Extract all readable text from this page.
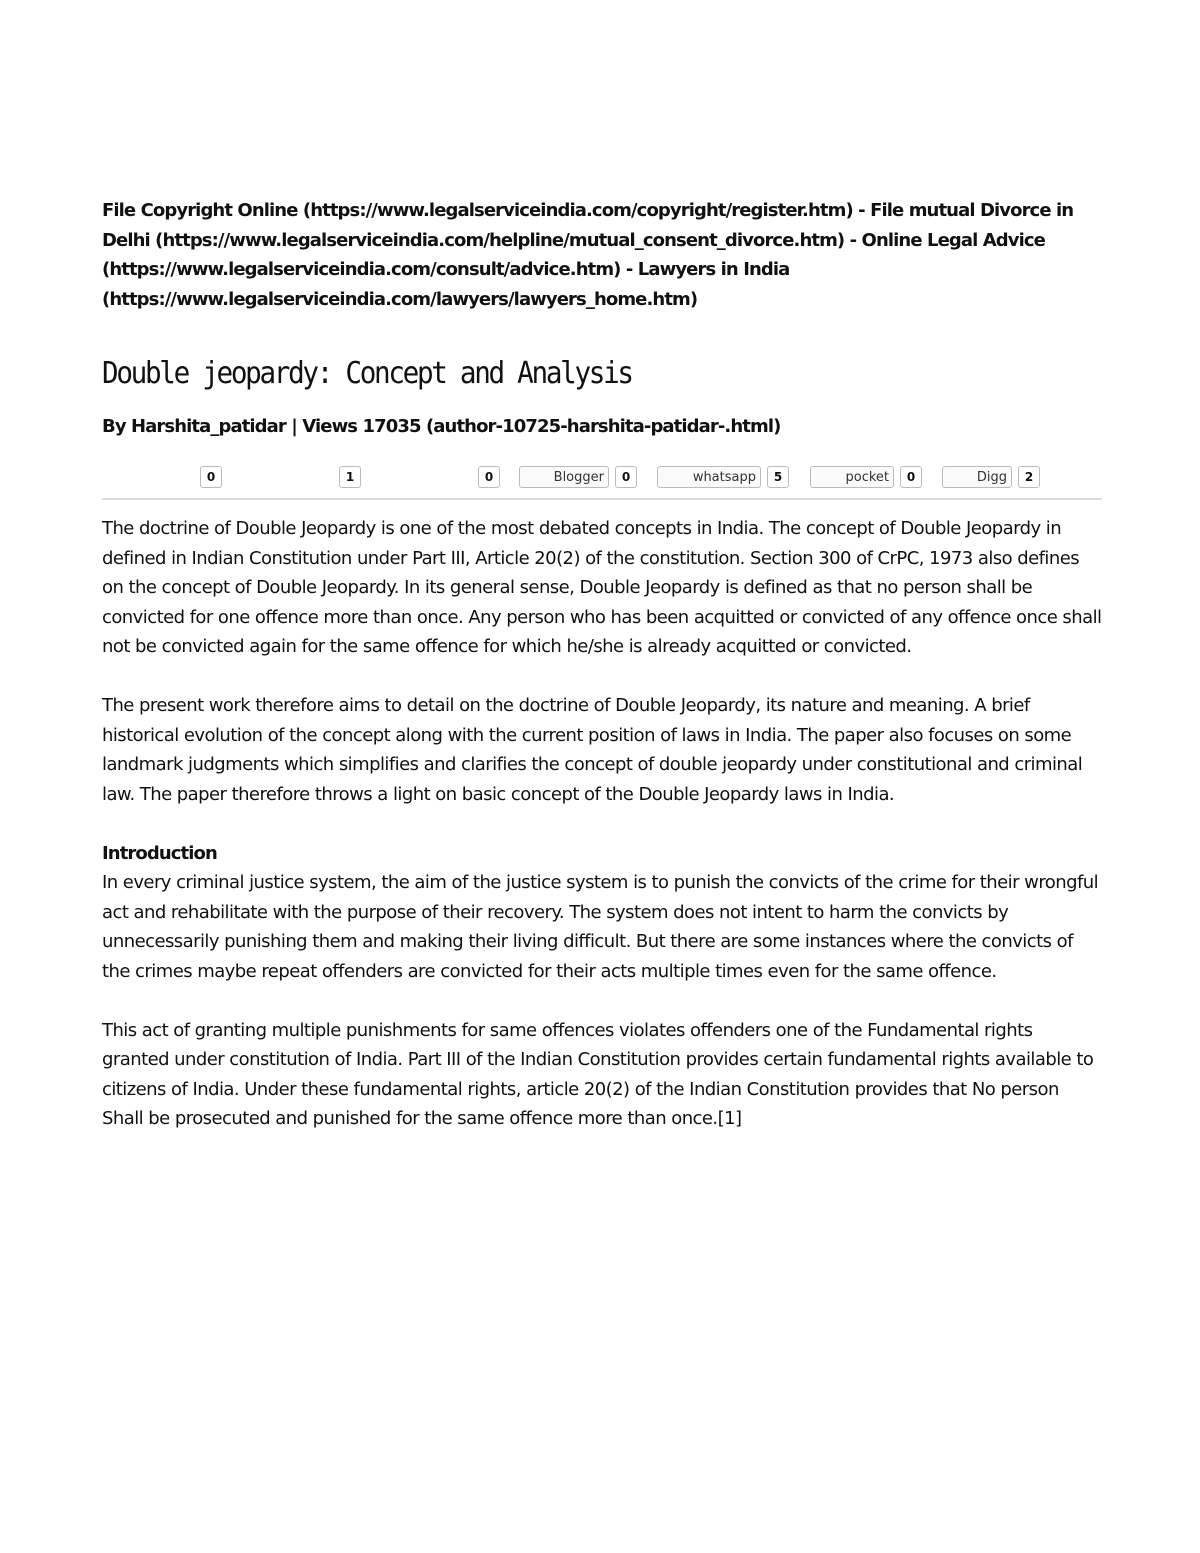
File Copyright Online (https://www.legalserviceindia.com/copyright/register.htm) - File mutual Divorce in Delhi (https://www.legalserviceindia.com/helpline/mutual_consent_divorce.htm) - Online Legal Advice (https://www.legalserviceindia.com/consult/advice.htm) - Lawyers in India (https://www.legalserviceindia.com/lawyers/lawyers_home.htm)

Double jeopardy: Concept and Analysis
By Harshita_patidar | Views 17035 (author-10725-harshita-patidar-.html)
0	1	0	Blogger	0	whatsapp	5	pocket	0	Digg	2

The doctrine of Double Jeopardy is one of the most debated concepts in India. The concept of Double Jeopardy in defined in Indian Constitution under Part III, Article 20(2) of the constitution. Section 300 of CrPC, 1973 also defines on the concept of Double Jeopardy. In its general sense, Double Jeopardy is defined as that no person shall be convicted for one offence more than once. Any person who has been acquitted or convicted of any offence once shall not be convicted again for the same offence for which he/she is already acquitted or convicted.

The present work therefore aims to detail on the doctrine of Double Jeopardy, its nature and meaning. A brief historical evolution of the concept along with the current position of laws in India. The paper also focuses on some landmark judgments which simplifies and clarifies the concept of double jeopardy under constitutional and criminal law. The paper therefore throws a light on basic concept of the Double Jeopardy laws in India.

Introduction

In every criminal justice system, the aim of the justice system is to punish the convicts of the crime for their wrongful act and rehabilitate with the purpose of their recovery. The system does not intent to harm the convicts by unnecessarily punishing them and making their living difficult. But there are some instances where the convicts of the crimes maybe repeat offenders are convicted for their acts multiple times even for the same offence.

This act of granting multiple punishments for same offences violates offenders one of the Fundamental rights granted under constitution of India. Part III of the Indian Constitution provides certain fundamental rights available to citizens of India. Under these fundamental rights, article 20(2) of the Indian Constitution provides that No person Shall be prosecuted and punished for the same offence more than once.[1]
